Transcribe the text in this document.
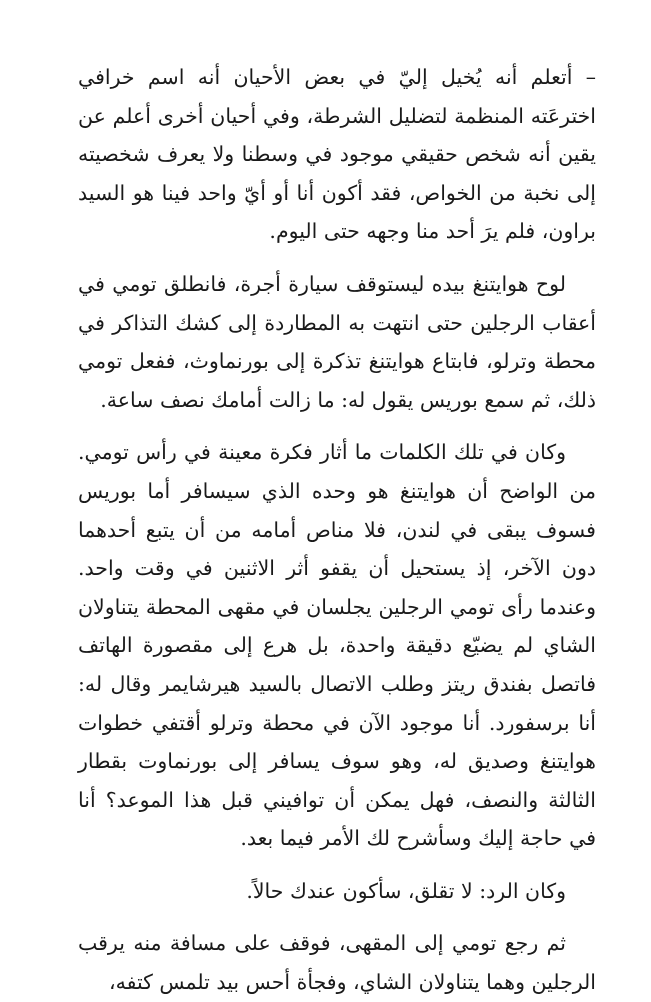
– أتعلم أنه يُخيل إليّ في بعض الأحيان أنه اسم خرافي اخترعَته المنظمة لتضليل الشرطة، وفي أحيان أخرى أعلم عن يقين أنه شخص حقيقي موجود في وسطنا ولا يعرف شخصيته إلى نخبة من الخواص، فقد أكون أنا أو أيّ واحد فينا هو السيد براون، فلم يرَ أحد منا وجهه حتى اليوم.

لوح هوايتنغ بيده ليستوقف سيارة أجرة، فانطلق تومي في أعقاب الرجلين حتى انتهت به المطاردة إلى كشك التذاكر في محطة وترلو، فابتاع هوايتنغ تذكرة إلى بورنماوث، ففعل تومي ذلك، ثم سمع بوريس يقول له: ما زالت أمامك نصف ساعة.

وكان في تلك الكلمات ما أثار فكرة معينة في رأس تومي. من الواضح أن هوايتنغ هو وحده الذي سيسافر أما بوريس فسوف يبقى في لندن، فلا مناص أمامه من أن يتبع أحدهما دون الآخر، إذ يستحيل أن يقفو أثر الاثنين في وقت واحد. وعندما رأى تومي الرجلين يجلسان في مقهى المحطة يتناولان الشاي لم يضيّع دقيقة واحدة، بل هرع إلى مقصورة الهاتف فاتصل بفندق ريتز وطلب الاتصال بالسيد هيرشايمر وقال له: أنا برسفورد. أنا موجود الآن في محطة وترلو أقتفي خطوات هوايتنغ وصديق له، وهو سوف يسافر إلى بورنماوت بقطار الثالثة والنصف، فهل يمكن أن توافيني قبل هذا الموعد؟ أنا في حاجة إليك وسأشرح لك الأمر فيما بعد.

وكان الرد: لا تقلق، سأكون عندك حالاً.

ثم رجع تومي إلى المقهى، فوقف على مسافة منه يرقب الرجلين وهما يتناولان الشاي، وفجأة أحس بيد تلمس كتفه،
